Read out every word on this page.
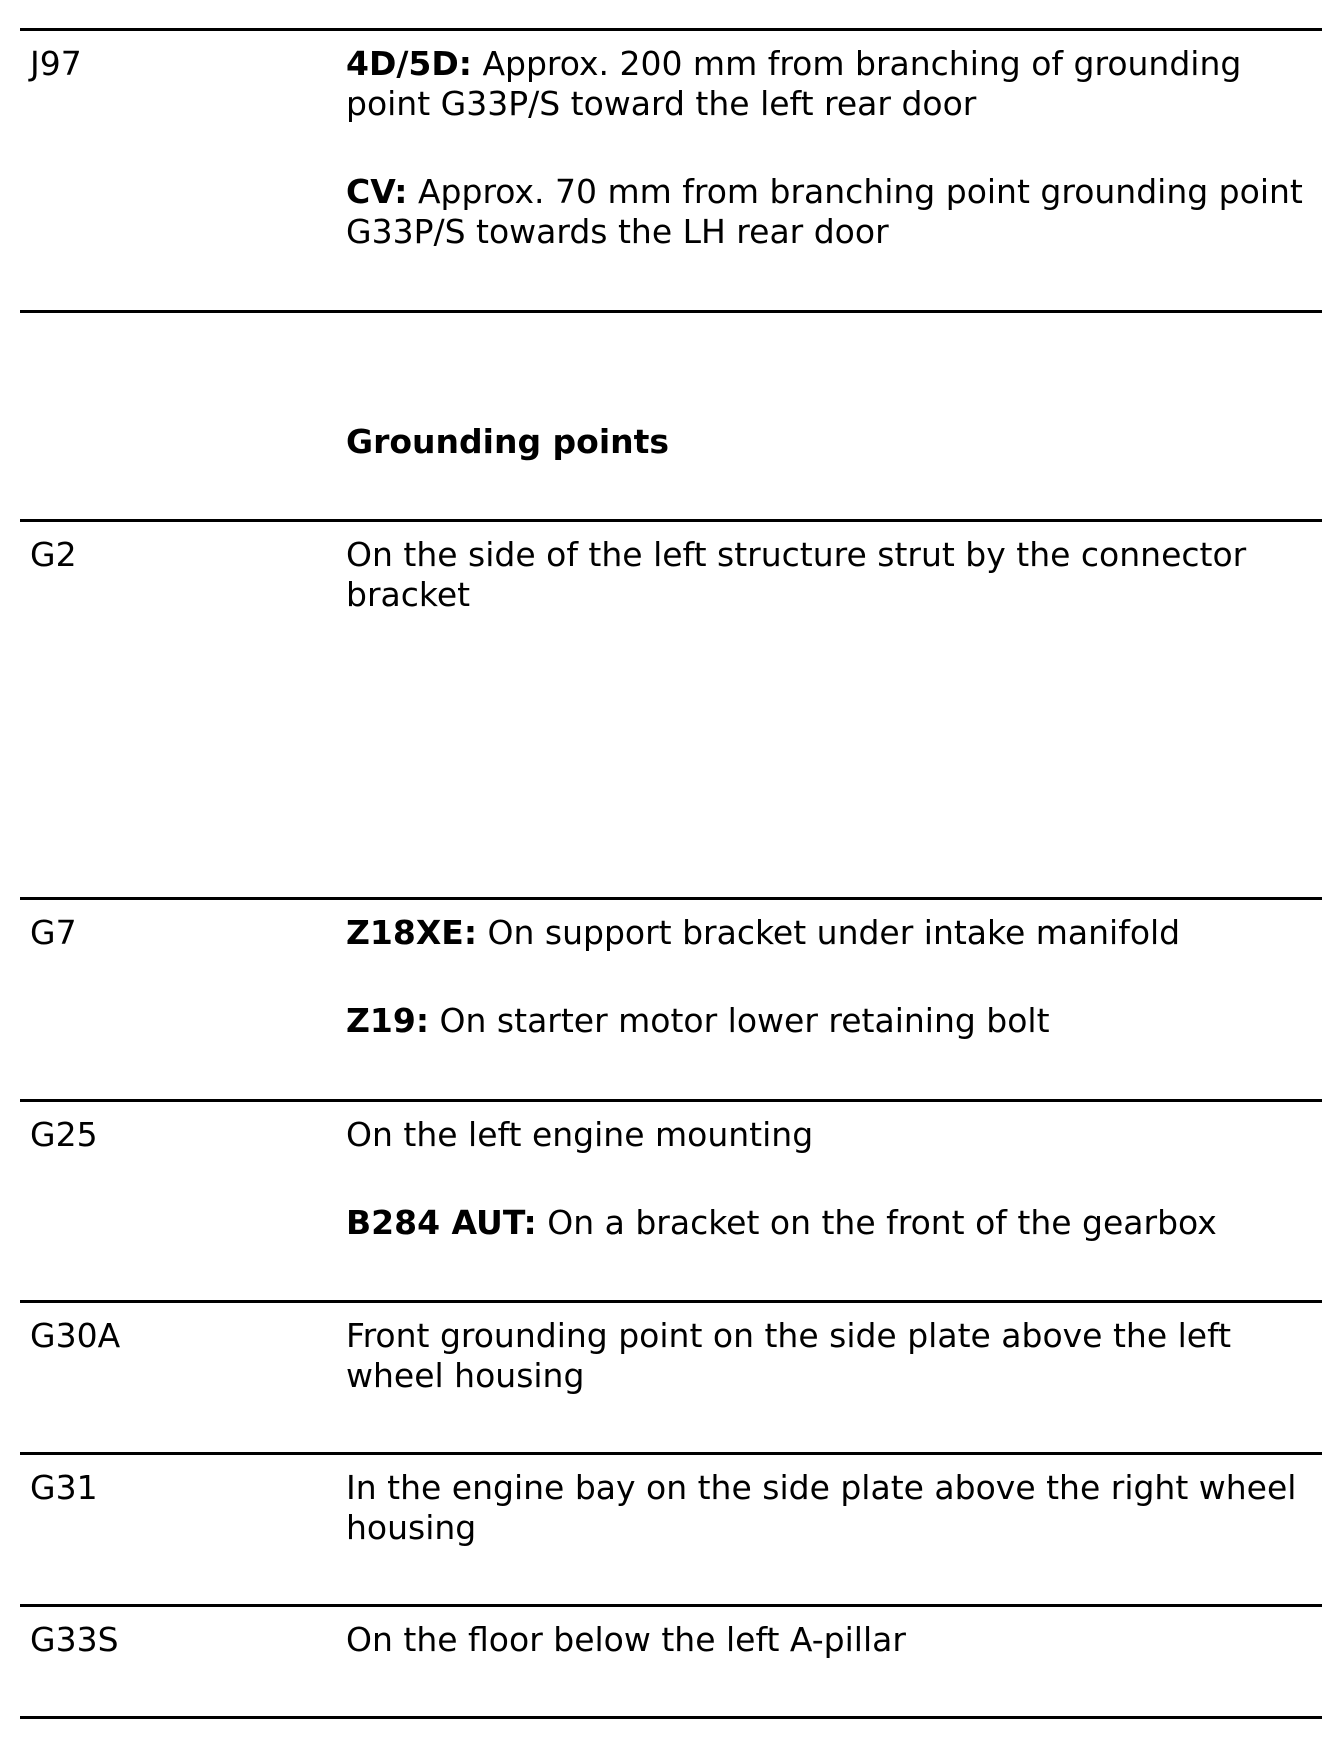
J97	4D/5D: Approx. 200 mm from branching of grounding point G33P/S toward the left rear door

CV: Approx. 70 mm from branching point grounding point G33P/S towards the LH rear door

Grounding points
G2	On the side of the left structure strut by the connector bracket

G7	Z18XE: On support bracket under intake manifold

Z19: On starter motor lower retaining bolt

G25	On the left engine mounting

B284 AUT: On a bracket on the front of the gearbox

G30A	Front grounding point on the side plate above the left wheel housing

G31	In the engine bay on the side plate above the right wheel housing

G33S	On the floor below the left A-pillar
